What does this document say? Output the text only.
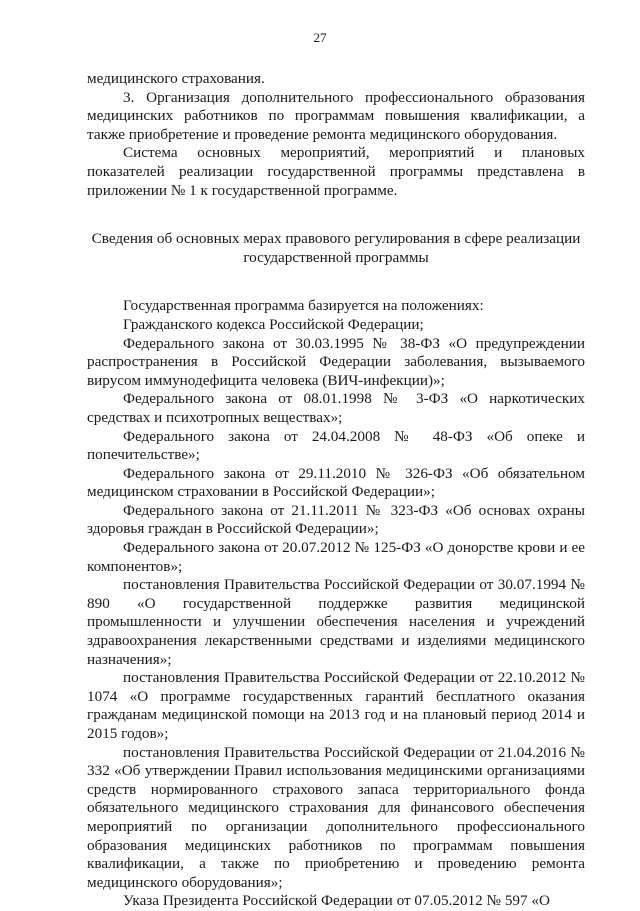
27

медицинского страхования.

3. Организация дополнительного профессионального образования медицинских работников по программам повышения квалификации, а также приобретение и проведение ремонта медицинского оборудования.

Система основных мероприятий, мероприятий и плановых показателей реализации государственной программы представлена в приложении № 1 к государственной программе.

Сведения об основных мерах правового регулирования в сфере реализации государственной программы

Государственная программа базируется на положениях:

Гражданского кодекса Российской Федерации;

Федерального закона от 30.03.1995 № 38-ФЗ «О предупреждении распространения в Российской Федерации заболевания, вызываемого вирусом иммунодефицита человека (ВИЧ-инфекции)»;

Федерального закона от 08.01.1998 № 3-ФЗ «О наркотических средствах и психотропных веществах»;

Федерального закона от 24.04.2008 № 48-ФЗ «Об опеке и попечительстве»;

Федерального закона от 29.11.2010 № 326-ФЗ «Об обязательном медицинском страховании в Российской Федерации»;

Федерального закона от 21.11.2011 № 323-ФЗ «Об основах охраны здоровья граждан в Российской Федерации»;

Федерального закона от 20.07.2012 № 125-ФЗ «О донорстве крови и ее компонентов»;

постановления Правительства Российской Федерации от 30.07.1994 № 890 «О государственной поддержке развития медицинской промышленности и улучшении обеспечения населения и учреждений здравоохранения лекарственными средствами и изделиями медицинского назначения»;

постановления Правительства Российской Федерации от 22.10.2012 № 1074 «О программе государственных гарантий бесплатного оказания гражданам медицинской помощи на 2013 год и на плановый период 2014 и 2015 годов»;

постановления Правительства Российской Федерации от 21.04.2016 № 332 «Об утверждении Правил использования медицинскими организациями средств нормированного страхового запаса территориального фонда обязательного медицинского страхования для финансового обеспечения мероприятий по организации дополнительного профессионального образования медицинских работников по программам повышения квалификации, а также по приобретению и проведению ремонта медицинского оборудования»;

Указа Президента Российской Федерации от 07.05.2012 № 597 «О
